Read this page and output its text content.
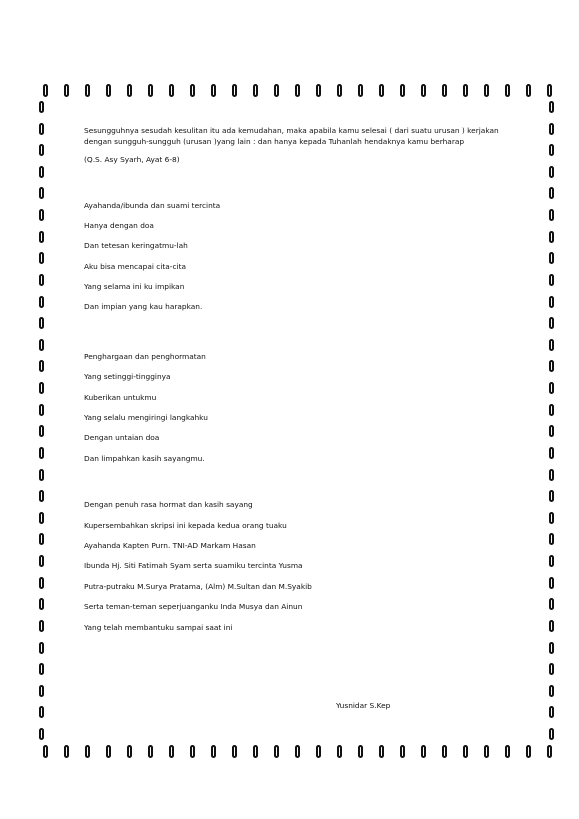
Sesungguhnya sesudah kesulitan itu ada kemudahan, maka apabila kamu selesai ( dari suatu urusan ) kerjakan dengan sungguh-sungguh (urusan )yang lain : dan hanya kepada Tuhanlah hendaknya kamu berharap

(Q.S. Asy Syarh, Ayat 6-8)

Ayahanda/ibunda dan suami tercinta

Hanya dengan doa

Dan tetesan keringatmu-lah

Aku bisa mencapai cita-cita

Yang selama ini ku impikan

Dan impian yang kau harapkan.

Penghargaan dan penghormatan

Yang setinggi-tingginya

Kuberikan untukmu

Yang selalu mengiringi langkahku

Dengan untaian doa

Dan limpahkan kasih sayangmu.

Dengan penuh rasa hormat dan kasih sayang

Kupersembahkan skripsi ini kepada kedua orang tuaku

Ayahanda Kapten Purn. TNI-AD Markam Hasan

Ibunda Hj. Siti Fatimah Syam serta suamiku tercinta Yusma

Putra-putraku M.Surya Pratama, (Alm) M.Sultan dan M.Syakib

Serta teman-teman seperjuanganku Inda Musya dan Ainun

Yang telah membantuku sampai saat ini

Yusnidar S.Kep
